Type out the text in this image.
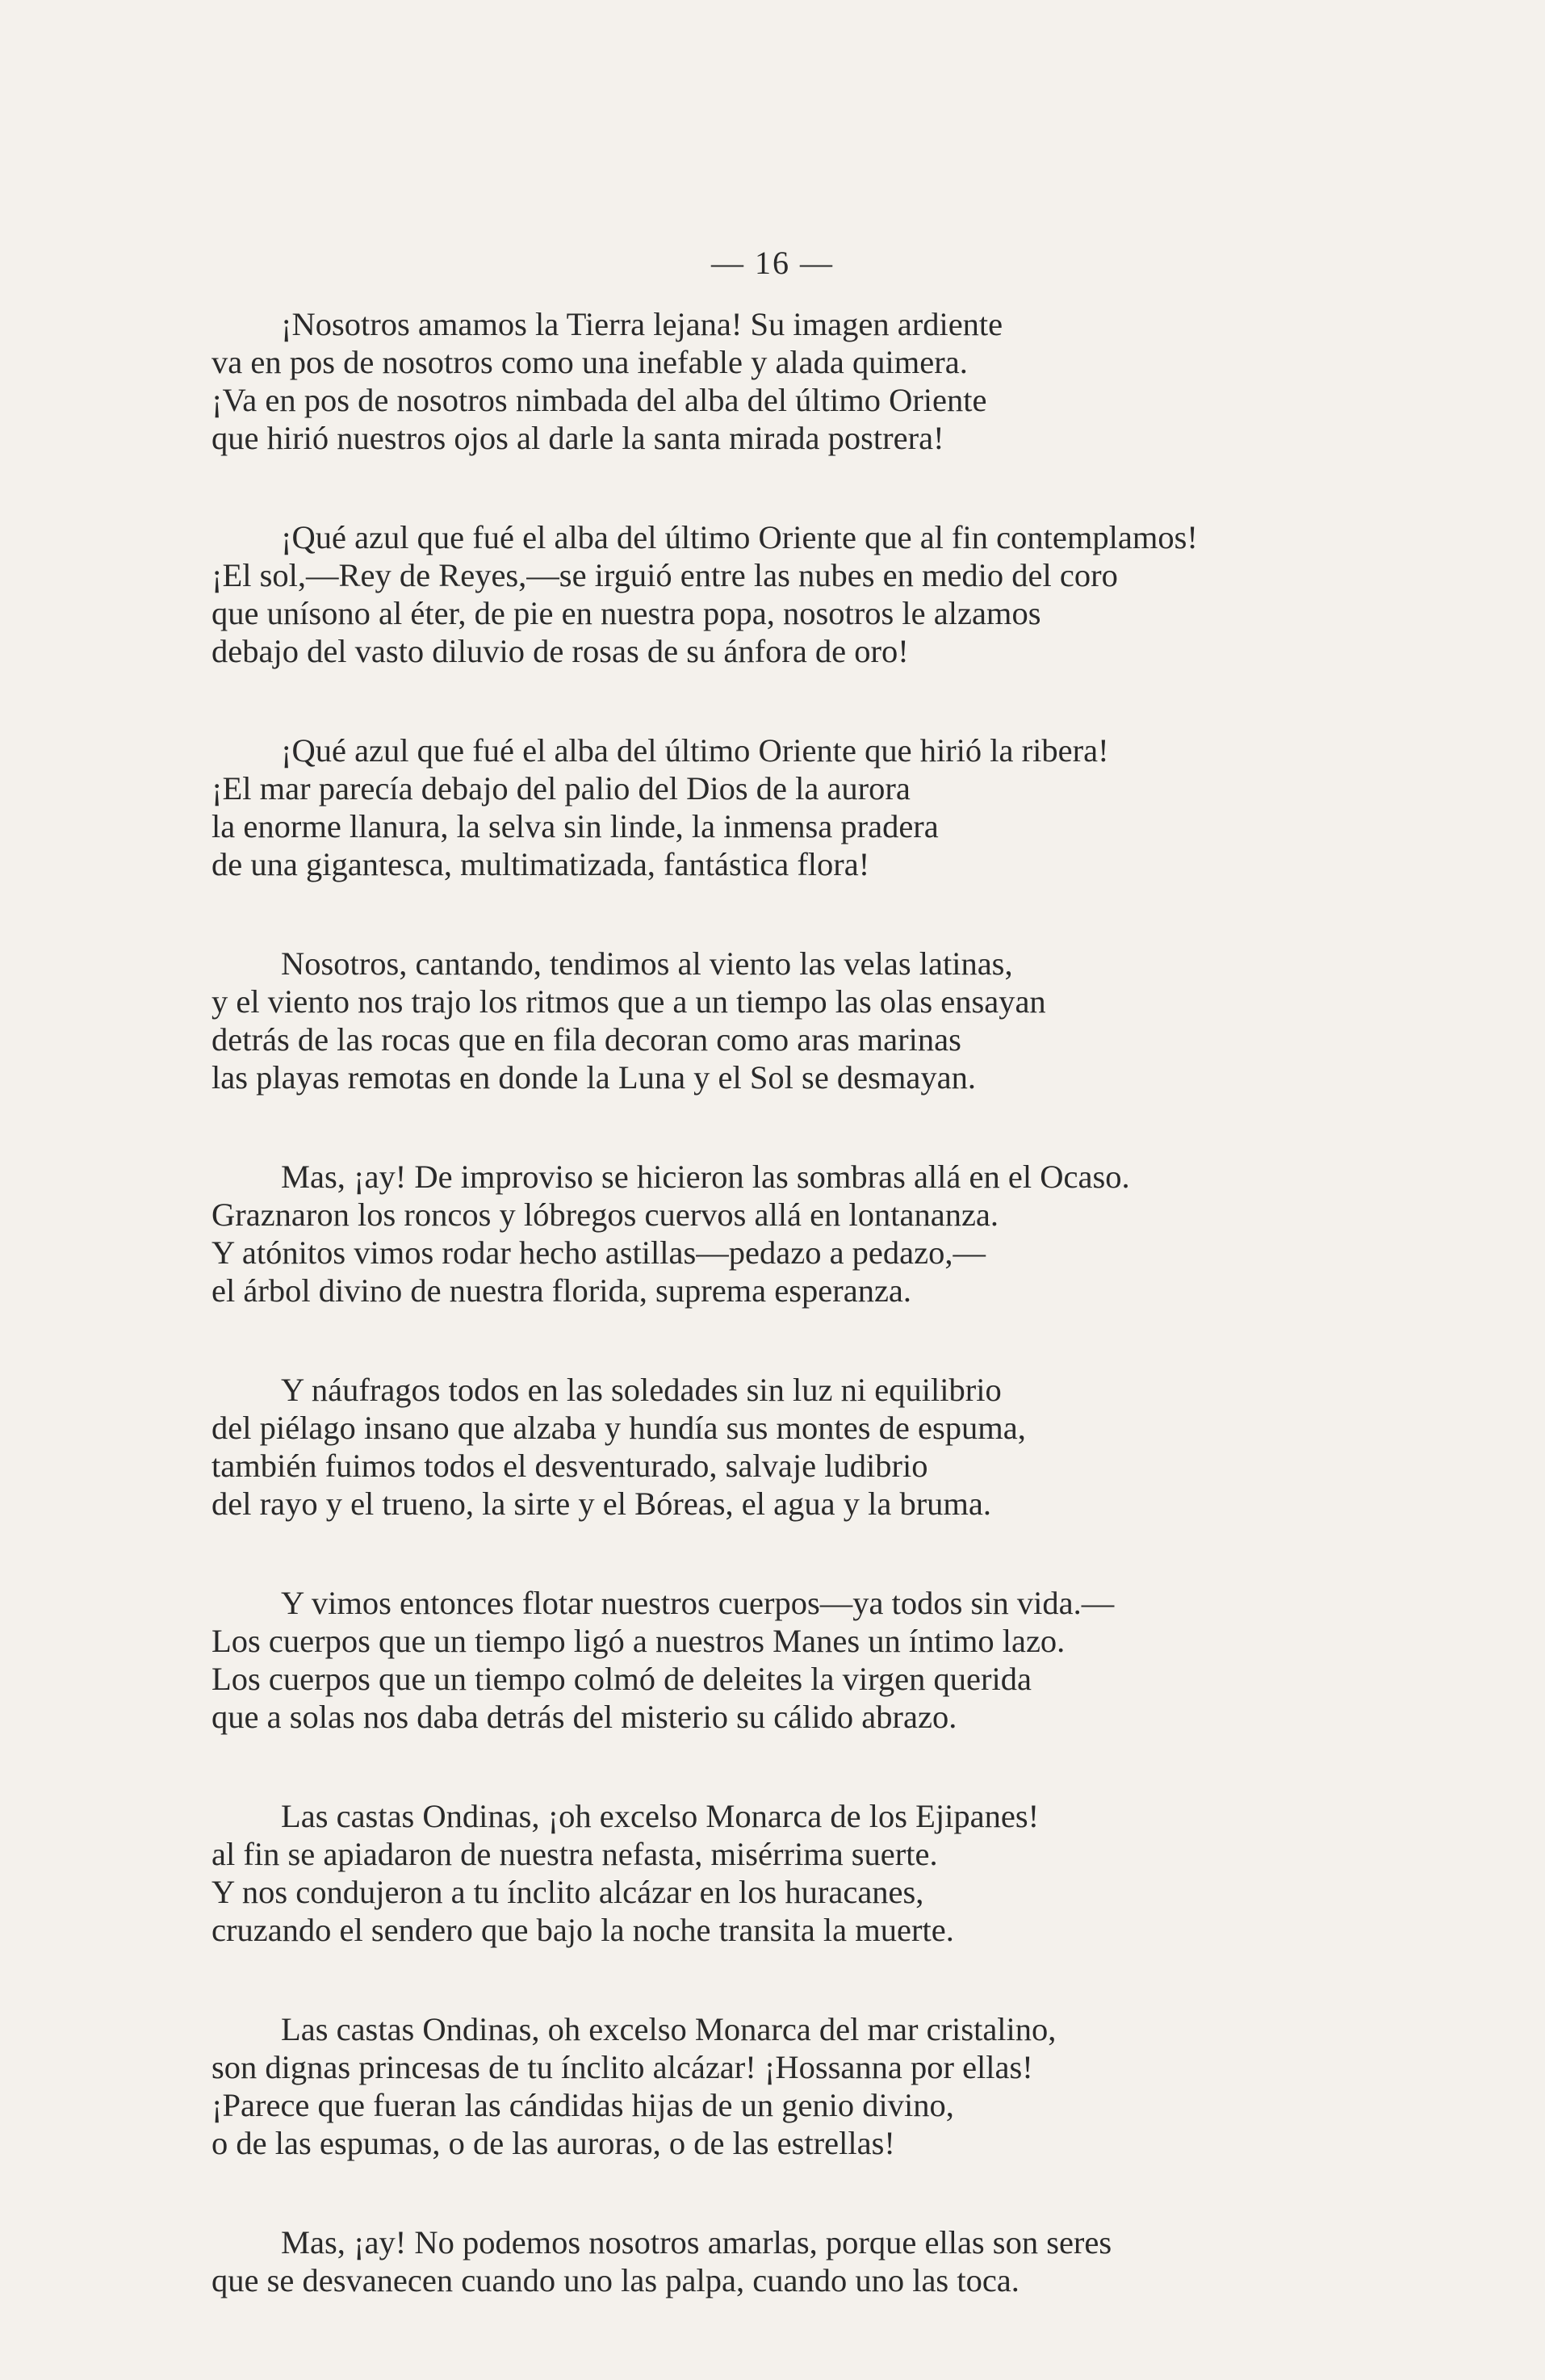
— 16 —
¡Nosotros amamos la Tierra lejana! Su imagen ardiente
va en pos de nosotros como una inefable y alada quimera.
¡Va en pos de nosotros nimbada del alba del último Oriente
que hirió nuestros ojos al darle la santa mirada postrera!
¡Qué azul que fué el alba del último Oriente que al fin contemplamos!
¡El sol,—Rey de Reyes,—se irguió entre las nubes en medio del coro
que unísono al éter, de pie en nuestra popa, nosotros le alzamos
debajo del vasto diluvio de rosas de su ánfora de oro!
¡Qué azul que fué el alba del último Oriente que hirió la ribera!
¡El mar parecía debajo del palio del Dios de la aurora
la enorme llanura, la selva sin linde, la inmensa pradera
de una gigantesca, multimatizada, fantástica flora!
Nosotros, cantando, tendimos al viento las velas latinas,
y el viento nos trajo los ritmos que a un tiempo las olas ensayan
detrás de las rocas que en fila decoran como aras marinas
las playas remotas en donde la Luna y el Sol se desmayan.
Mas, ¡ay! De improviso se hicieron las sombras allá en el Ocaso.
Graznaron los roncos y lóbregos cuervos allá en lontananza.
Y atónitos vimos rodar hecho astillas—pedazo a pedazo,—
el árbol divino de nuestra florida, suprema esperanza.
Y náufragos todos en las soledades sin luz ni equilibrio
del piélago insano que alzaba y hundía sus montes de espuma,
también fuimos todos el desventurado, salvaje ludibrio
del rayo y el trueno, la sirte y el Bóreas, el agua y la bruma.
Y vimos entonces flotar nuestros cuerpos—ya todos sin vida.—
Los cuerpos que un tiempo ligó a nuestros Manes un íntimo lazo.
Los cuerpos que un tiempo colmó de deleites la virgen querida
que a solas nos daba detrás del misterio su cálido abrazo.
Las castas Ondinas, ¡oh excelso Monarca de los Ejipanes!
al fin se apiadaron de nuestra nefasta, misérrima suerte.
Y nos condujeron a tu ínclito alcázar en los huracanes,
cruzando el sendero que bajo la noche transita la muerte.
Las castas Ondinas, oh excelso Monarca del mar cristalino,
son dignas princesas de tu ínclito alcázar! ¡Hossanna por ellas!
¡Parece que fueran las cándidas hijas de un genio divino,
o de las espumas, o de las auroras, o de las estrellas!
Mas, ¡ay! No podemos nosotros amarlas, porque ellas son seres
que se desvanecen cuando uno las palpa, cuando uno las toca.
